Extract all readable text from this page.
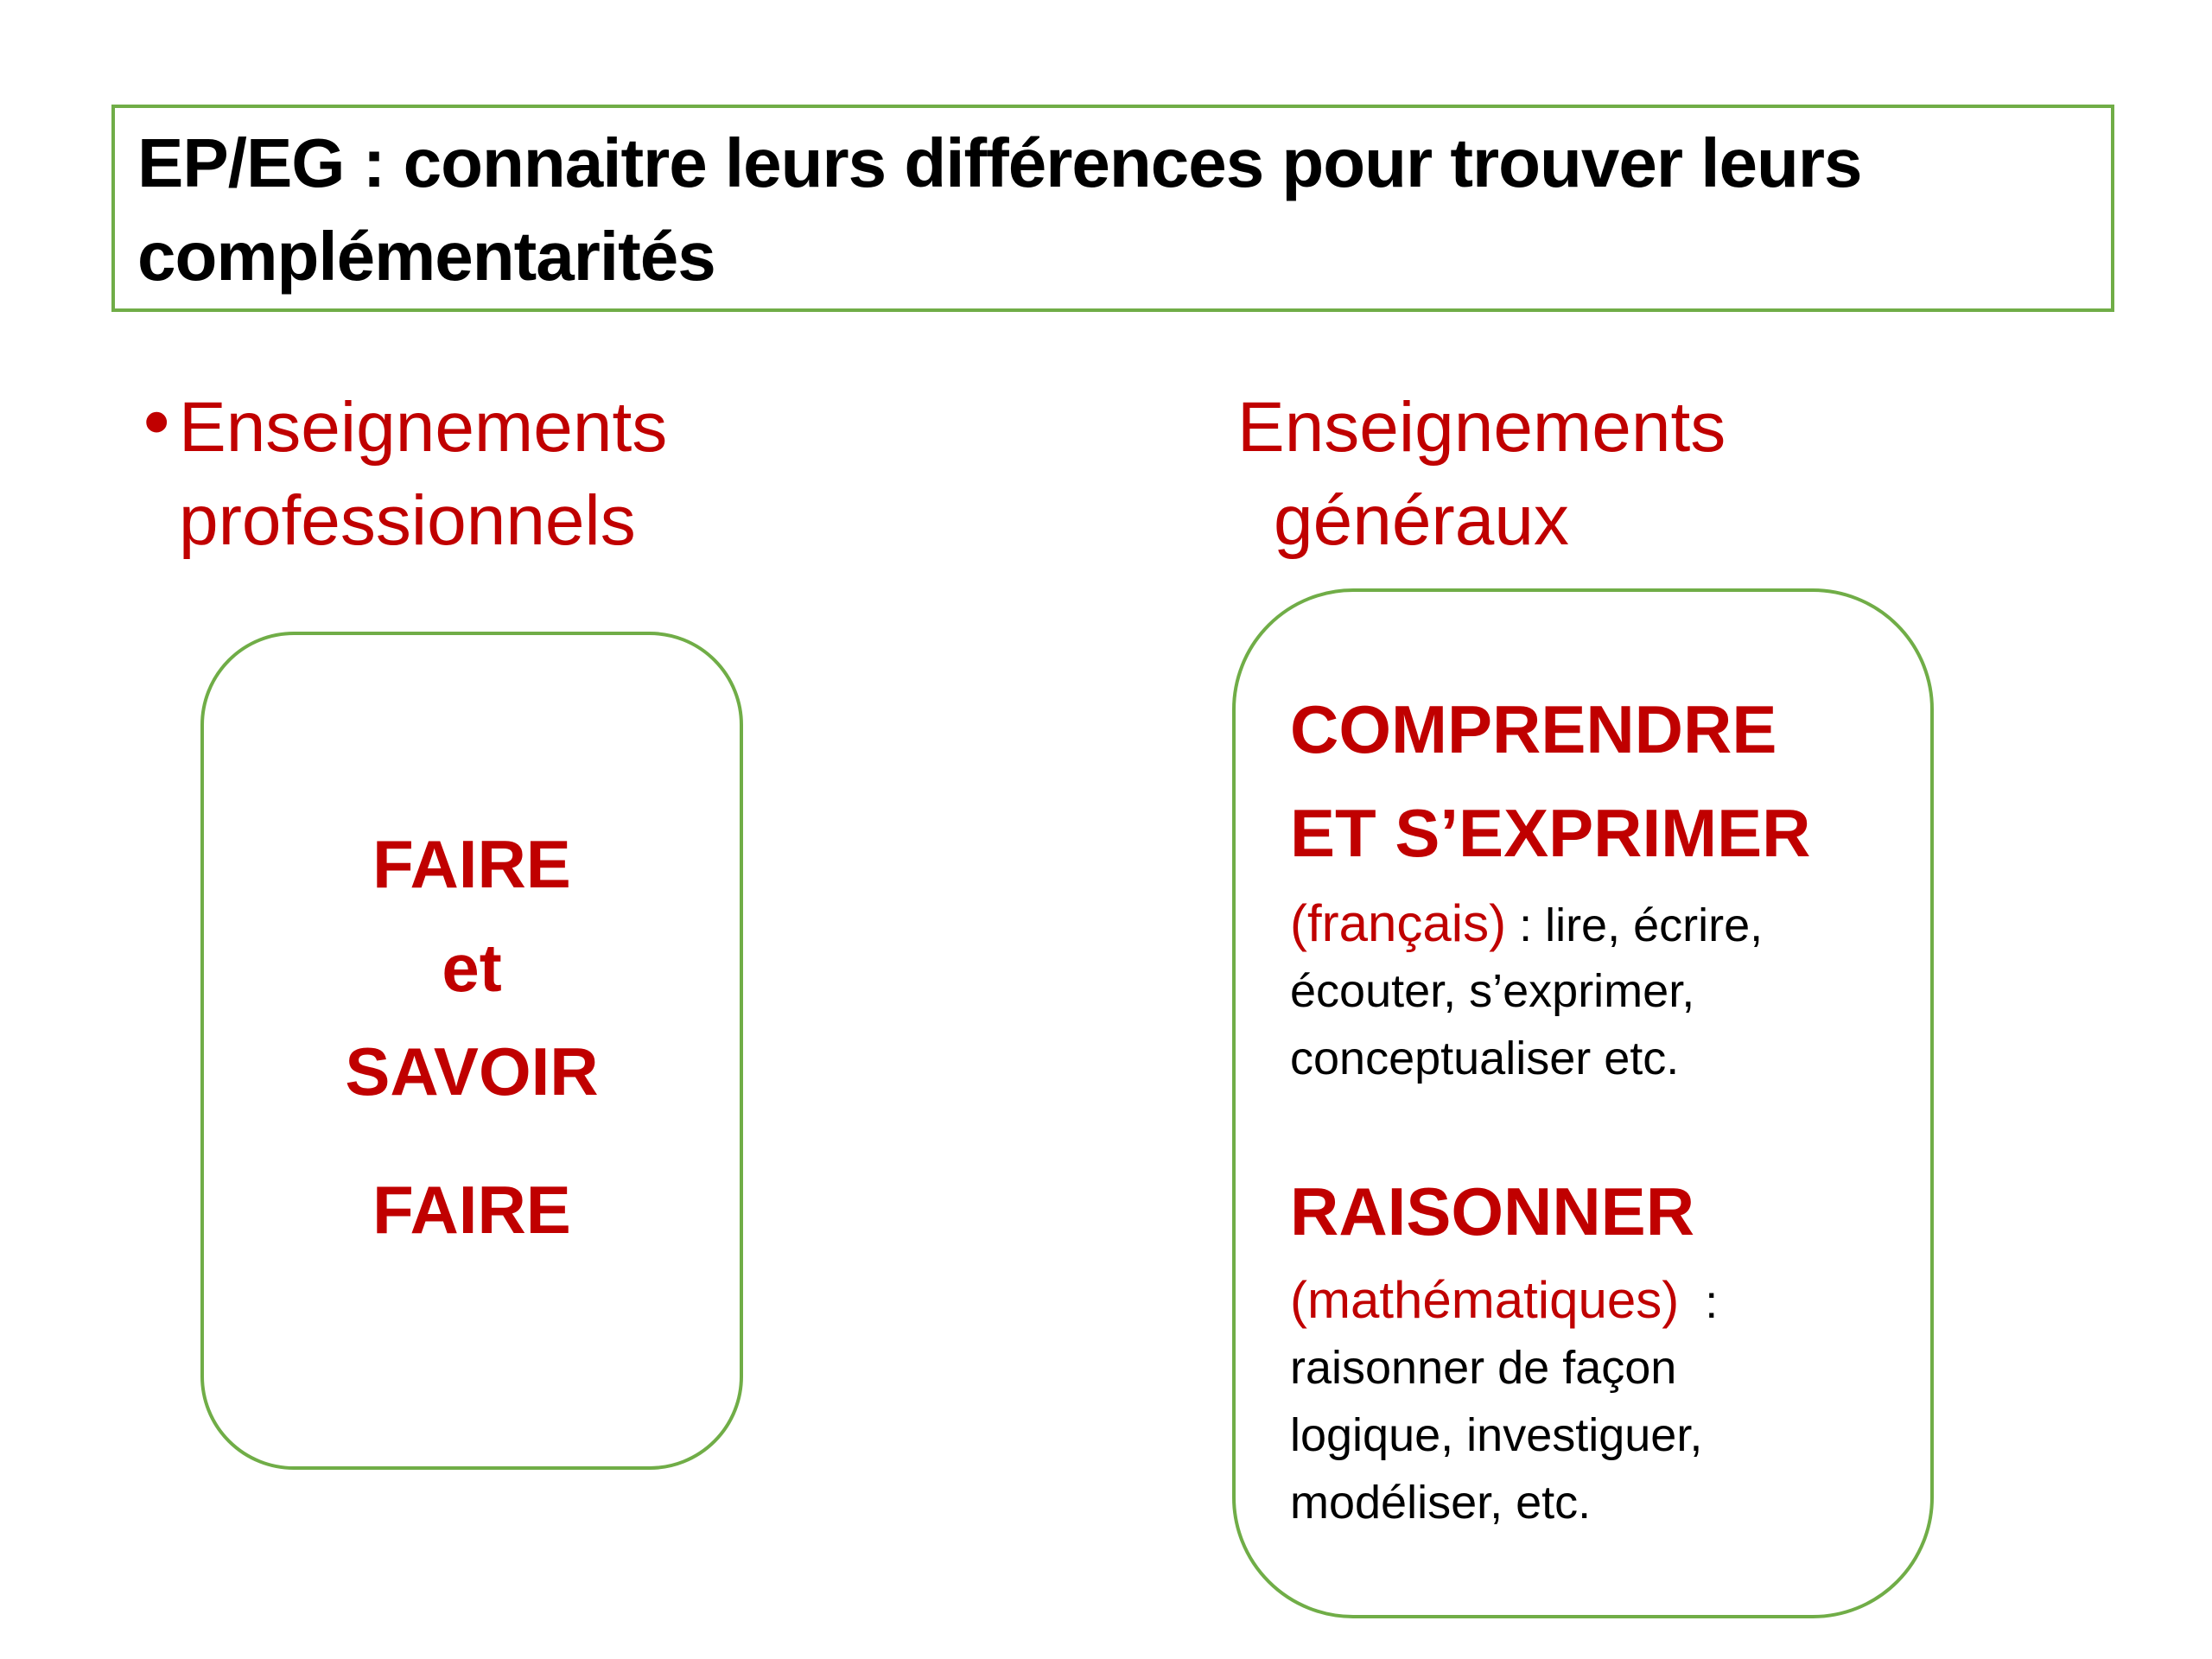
EP/EG : connaitre leurs différences pour trouver leurs
complémentarités
• Enseignements
professionnels
Enseignements
généraux
FAIRE
et
SAVOIR
FAIRE
COMPRENDRE
ET S’EXPRIMER
(français) : lire, écrire,
écouter, s’exprimer,
conceptualiser etc.
RAISONNER
(mathématiques)  :
raisonner de façon
logique, investiguer,
modéliser, etc.
